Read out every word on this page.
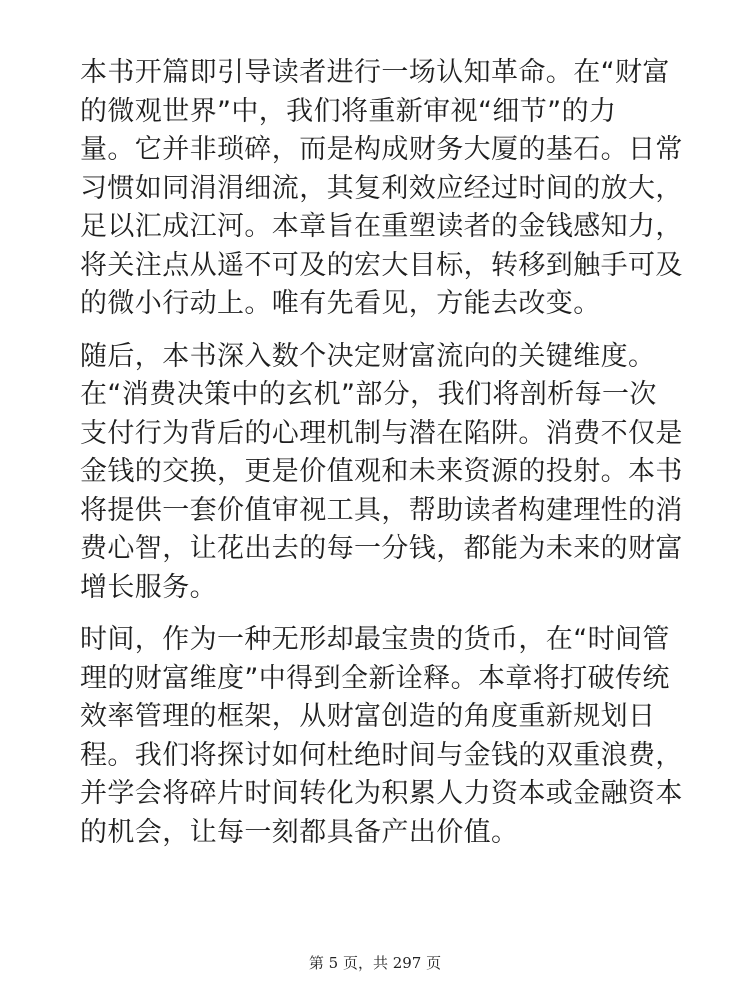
本书开篇即引导读者进行一场认知革命。在“财富
的微观世界”中，我们将重新审视“细节”的力
量。它并非琐碎，而是构成财务大厦的基石。日常
习惯如同涓涓细流，其复利效应经过时间的放大，
足以汇成江河。本章旨在重塑读者的金钱感知力，
将关注点从遥不可及的宏大目标，转移到触手可及
的微小行动上。唯有先看见，方能去改变。
随后，本书深入数个决定财富流向的关键维度。
在“消费决策中的玄机”部分，我们将剖析每一次
支付行为背后的心理机制与潜在陷阱。消费不仅是
金钱的交换，更是价值观和未来资源的投射。本书
将提供一套价值审视工具，帮助读者构建理性的消
费心智，让花出去的每一分钱，都能为未来的财富
增长服务。
时间，作为一种无形却最宝贵的货币，在“时间管
理的财富维度”中得到全新诠释。本章将打破传统
效率管理的框架，从财富创造的角度重新规划日
程。我们将探讨如何杜绝时间与金钱的双重浪费，
并学会将碎片时间转化为积累人力资本或金融资本
的机会，让每一刻都具备产出价值。
第 5 页，共 297 页
